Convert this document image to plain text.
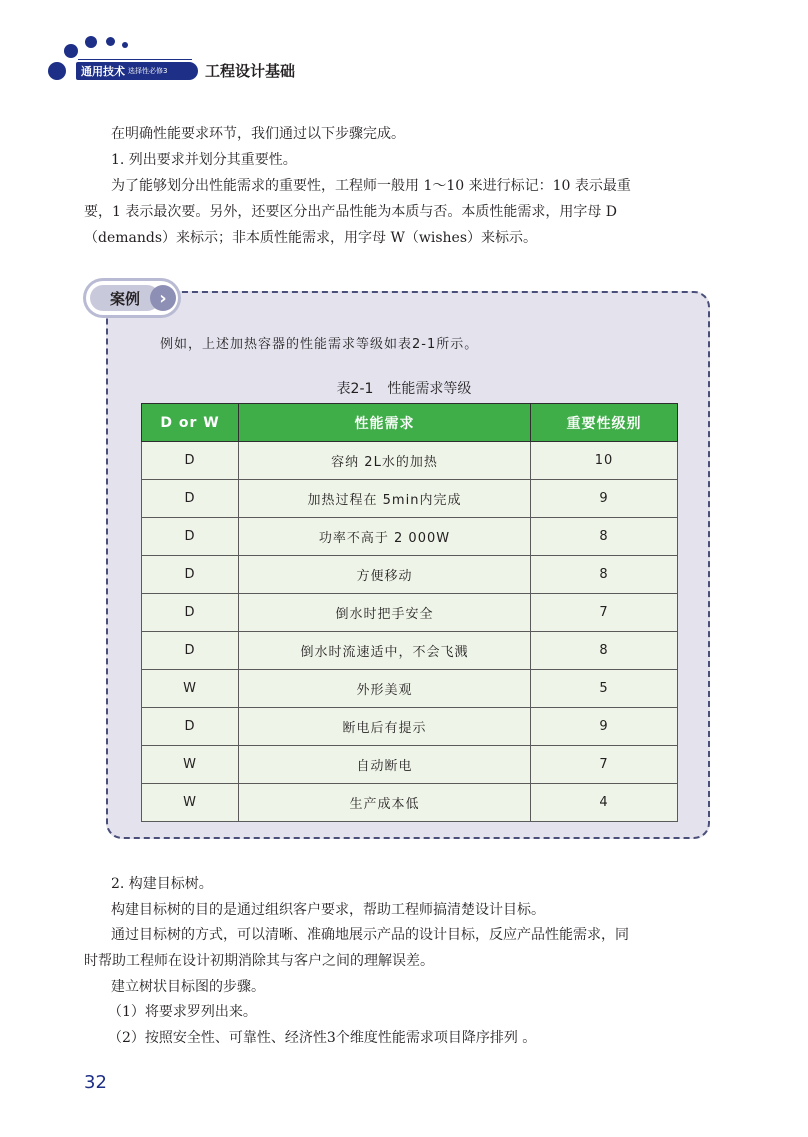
通用技术 选择性必修3	工程设计基础
在明确性能要求环节，我们通过以下步骤完成。
1. 列出要求并划分其重要性。
为了能够划分出性能需求的重要性，工程师一般用 1～10 来进行标记：10 表示最重
要，1 表示最次要。另外，还要区分出产品性能为本质与否。本质性能需求，用字母 D
（demands）来标示；非本质性能需求，用字母 W（wishes）来标示。
案例	›
例如，上述加热容器的性能需求等级如表2-1所示。
表2-1　性能需求等级
D or W	性能需求	重要性级别
D	容纳 2L水的加热	10
D	加热过程在 5min内完成	9
D	功率不高于 2 000W	8
D	方便移动	8
D	倒水时把手安全	7
D	倒水时流速适中，不会飞溅	8
W	外形美观	5
D	断电后有提示	9
W	自动断电	7
W	生产成本低	4
2. 构建目标树。
构建目标树的目的是通过组织客户要求，帮助工程师搞清楚设计目标。
通过目标树的方式，可以清晰、准确地展示产品的设计目标，反应产品性能需求，同
时帮助工程师在设计初期消除其与客户之间的理解误差。
建立树状目标图的步骤。
（1）将要求罗列出来。
（2）按照安全性、可靠性、经济性3个维度性能需求项目降序排列 。
32
